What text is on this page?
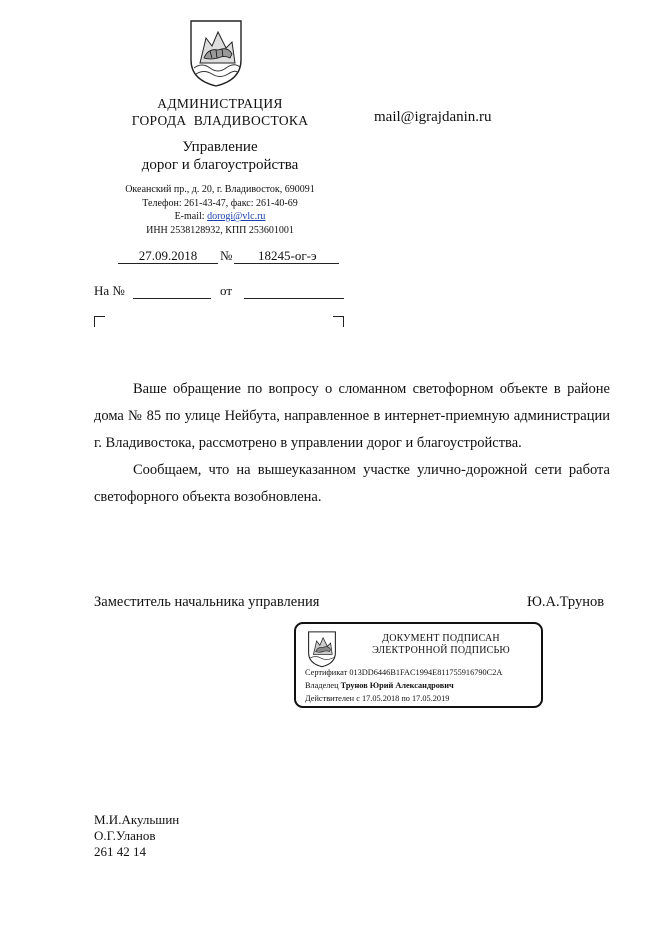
АДМИНИСТРАЦИЯ
ГОРОДА  ВЛАДИВОСТОКА
Управление
дорог и благоустройства
Океанский пр., д. 20, г. Владивосток, 690091
Телефон: 261-43-47, факс: 261-40-69
E-mail: dorogi@vlc.ru
ИНН 2538128932, КПП 253601001
mail@igrajdanin.ru
27.09.2018	№ 18245-ог-э
На №	от

Ваше обращение по вопросу о сломанном светофорном объекте в районе дома № 85 по улице Нейбута, направленное в интернет-приемную администрации г. Владивостока, рассмотрено в управлении дорог и благоустройства.

Сообщаем, что на вышеуказанном участке улично-дорожной сети работа светофорного объекта возобновлена.

Заместитель начальника управления	Ю.А.Трунов
ДОКУМЕНТ ПОДПИСАН
ЭЛЕКТРОННОЙ ПОДПИСЬЮ
Сертификат 013DD6446B1FAC1994E811755916790C2A
Владелец Трунов Юрий Александрович
Действителен с 17.05.2018 по 17.05.2019
М.И.Акульшин
О.Г.Уланов
261 42 14
